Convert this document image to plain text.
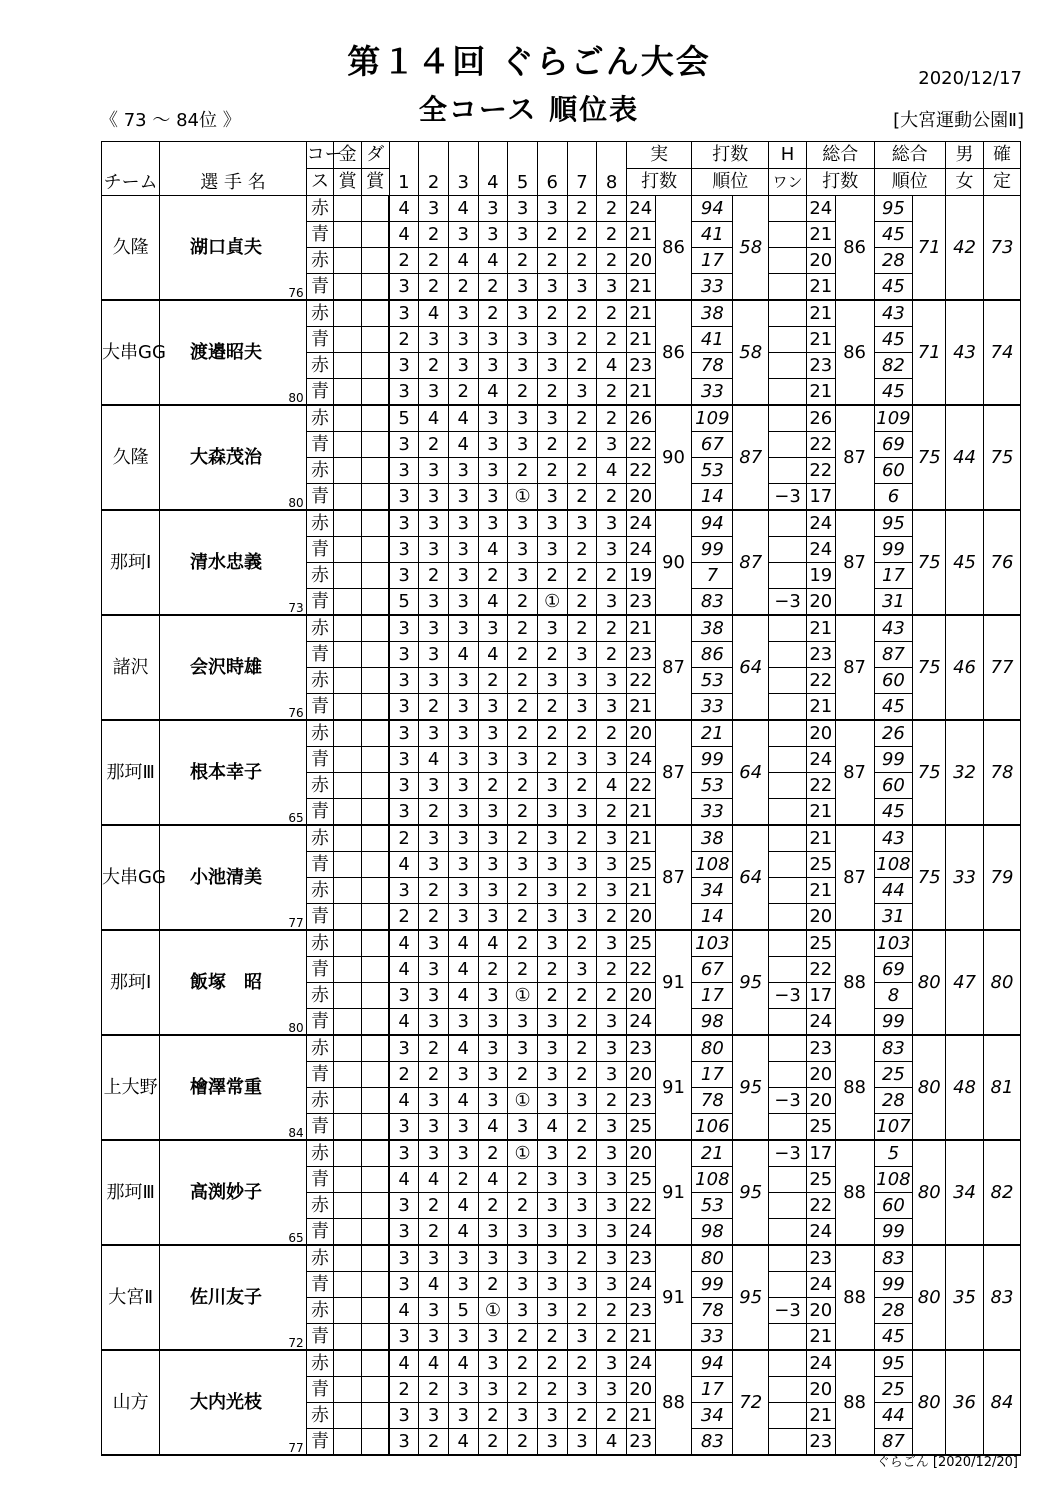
第１４回 ぐらごん大会	2020/12/17
《 73 ～ 84位 》	全コース 順位表	[大宮運動公園Ⅱ]
チーム	選 手 名	コー	金	ダ	1	2	3	4	5	6	7	8	実		打数		H	総合		総合		男	確
		ス	賞	賞									打数		順位		ワン	打数		順位		女	定
久隆	湖口貞夫
76	赤			4	3	4	3	3	3	2	2	24	86	94	58		24	86	95	71	42	73
		青			4	2	3	3	3	2	2	2	21		41			21		45			
		赤			2	2	4	4	2	2	2	2	20		17			20		28			
		青			3	2	2	2	3	3	3	3	21		33			21		45			
大串GG	渡邉昭夫
80	赤			3	4	3	2	3	2	2	2	21	86	38	58		21	86	43	71	43	74
		青			2	3	3	3	3	3	2	2	21		41			21		45			
		赤			3	2	3	3	3	3	2	4	23		78			23		82			
		青			3	3	2	4	2	2	3	2	21		33			21		45			
久隆	大森茂治
80	赤			5	4	4	3	3	3	2	2	26	90	109	87		26	87	109	75	44	75
		青			3	2	4	3	3	2	2	3	22		67			22		69			
		赤			3	3	3	3	2	2	2	4	22		53			22		60			
		青			3	3	3	3	①	3	2	2	20		14		−3	17		6			
那珂Ⅰ	清水忠義
73	赤			3	3	3	3	3	3	3	3	24	90	94	87		24	87	95	75	45	76
		青			3	3	3	4	3	3	2	3	24		99			24		99			
		赤			3	2	3	2	3	2	2	2	19		7			19		17			
		青			5	3	3	4	2	①	2	3	23		83		−3	20		31			
諸沢	会沢時雄
76	赤			3	3	3	3	2	3	2	2	21	87	38	64		21	87	43	75	46	77
		青			3	3	4	4	2	2	3	2	23		86			23		87			
		赤			3	3	3	2	2	3	3	3	22		53			22		60			
		青			3	2	3	3	2	2	3	3	21		33			21		45			
那珂Ⅲ	根本幸子
65	赤			3	3	3	3	2	2	2	2	20	87	21	64		20	87	26	75	32	78
		青			3	4	3	3	3	2	3	3	24		99			24		99			
		赤			3	3	3	2	2	3	2	4	22		53			22		60			
		青			3	2	3	3	2	3	3	2	21		33			21		45			
大串GG	小池清美
77	赤			2	3	3	3	2	3	2	3	21	87	38	64		21	87	43	75	33	79
		青			4	3	3	3	3	3	3	3	25		108			25		108			
		赤			3	2	3	3	2	3	2	3	21		34			21		44			
		青			2	2	3	3	2	3	3	2	20		14			20		31			
那珂Ⅰ	飯塚　昭
80	赤			4	3	4	4	2	3	2	3	25	91	103	95		25	88	103	80	47	80
		青			4	3	4	2	2	2	3	2	22		67			22		69			
		赤			3	3	4	3	①	2	2	2	20		17		−3	17		8			
		青			4	3	3	3	3	3	2	3	24		98			24		99			
上大野	檜澤常重
84	赤			3	2	4	3	3	3	2	3	23	91	80	95		23	88	83	80	48	81
		青			2	2	3	3	2	3	2	3	20		17			20		25			
		赤			4	3	4	3	①	3	3	2	23		78		−3	20		28			
		青			3	3	3	4	3	4	2	3	25		106			25		107			
那珂Ⅲ	高渕妙子
65	赤			3	3	3	2	①	3	2	3	20	91	21	95	−3	17	88	5	80	34	82
		青			4	4	2	4	2	3	3	3	25		108			25		108			
		赤			3	2	4	2	2	3	3	3	22		53			22		60			
		青			3	2	4	3	3	3	3	3	24		98			24		99			
大宮Ⅱ	佐川友子
72	赤			3	3	3	3	3	3	2	3	23	91	80	95		23	88	83	80	35	83
		青			3	4	3	2	3	3	3	3	24		99			24		99			
		赤			4	3	5	①	3	3	2	2	23		78		−3	20		28			
		青			3	3	3	3	2	2	3	2	21		33			21		45			
山方	大内光枝
77	赤			4	4	4	3	2	2	2	3	24	88	94	72		24	88	95	80	36	84
		青			2	2	3	3	2	2	3	3	20		17			20		25			
		赤			3	3	3	2	3	3	2	2	21		34			21		44			
		青			3	2	4	2	2	3	3	4	23		83			23		87			
ぐらごん [2020/12/20]
